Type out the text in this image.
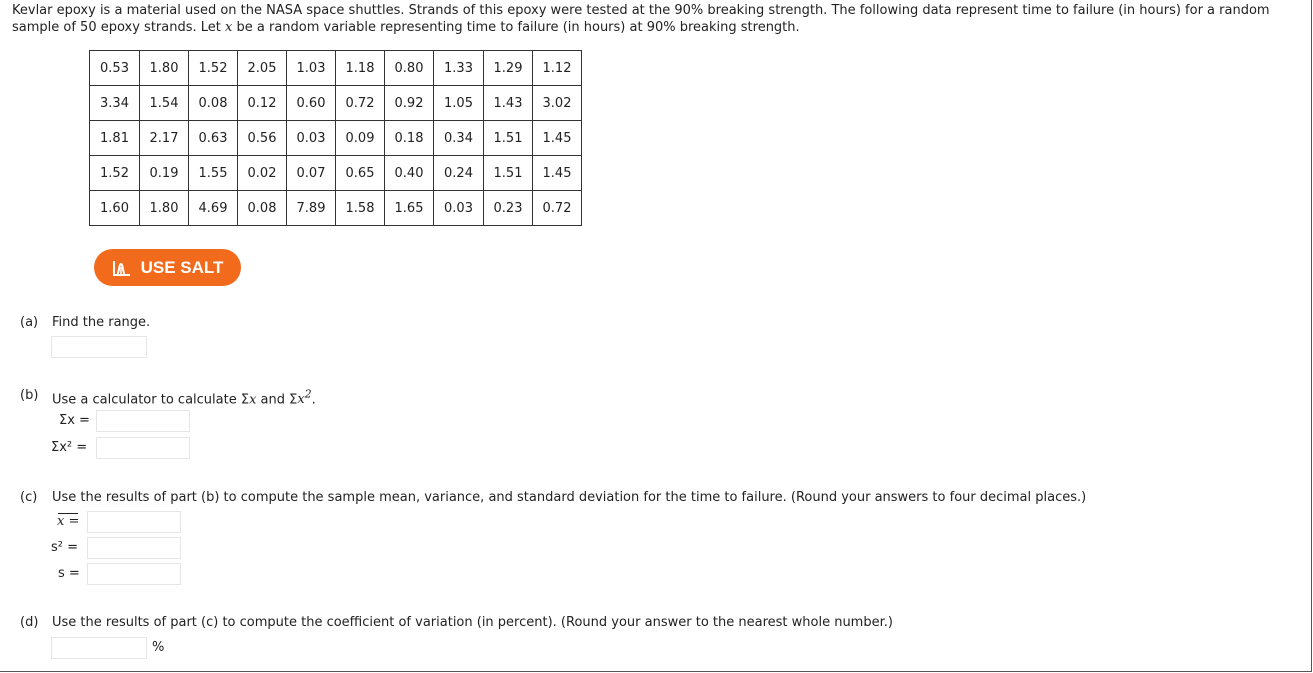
Kevlar epoxy is a material used on the NASA space shuttles. Strands of this epoxy were tested at the 90% breaking strength. The following data represent time to failure (in hours) for a random sample of 50 epoxy strands. Let x be a random variable representing time to failure (in hours) at 90% breaking strength.
0.53	1.80	1.52	2.05	1.03	1.18	0.80	1.33	1.29	1.12
3.34	1.54	0.08	0.12	0.60	0.72	0.92	1.05	1.43	3.02
1.81	2.17	0.63	0.56	0.03	0.09	0.18	0.34	1.51	1.45
1.52	0.19	1.55	0.02	0.07	0.65	0.40	0.24	1.51	1.45
1.60	1.80	4.69	0.08	7.89	1.58	1.65	0.03	0.23	0.72
USE SALT
(a) Find the range.
(b) Use a calculator to calculate Σx and $\Sigma x^2$.
Σx =
Σx² =
(c) Use the results of part (b) to compute the sample mean, variance, and standard deviation for the time to failure. (Round your answers to four decimal places.)
x =
s² =
s =
(d) Use the results of part (c) to compute the coefficient of variation (in percent). (Round your answer to the nearest whole number.)
%
